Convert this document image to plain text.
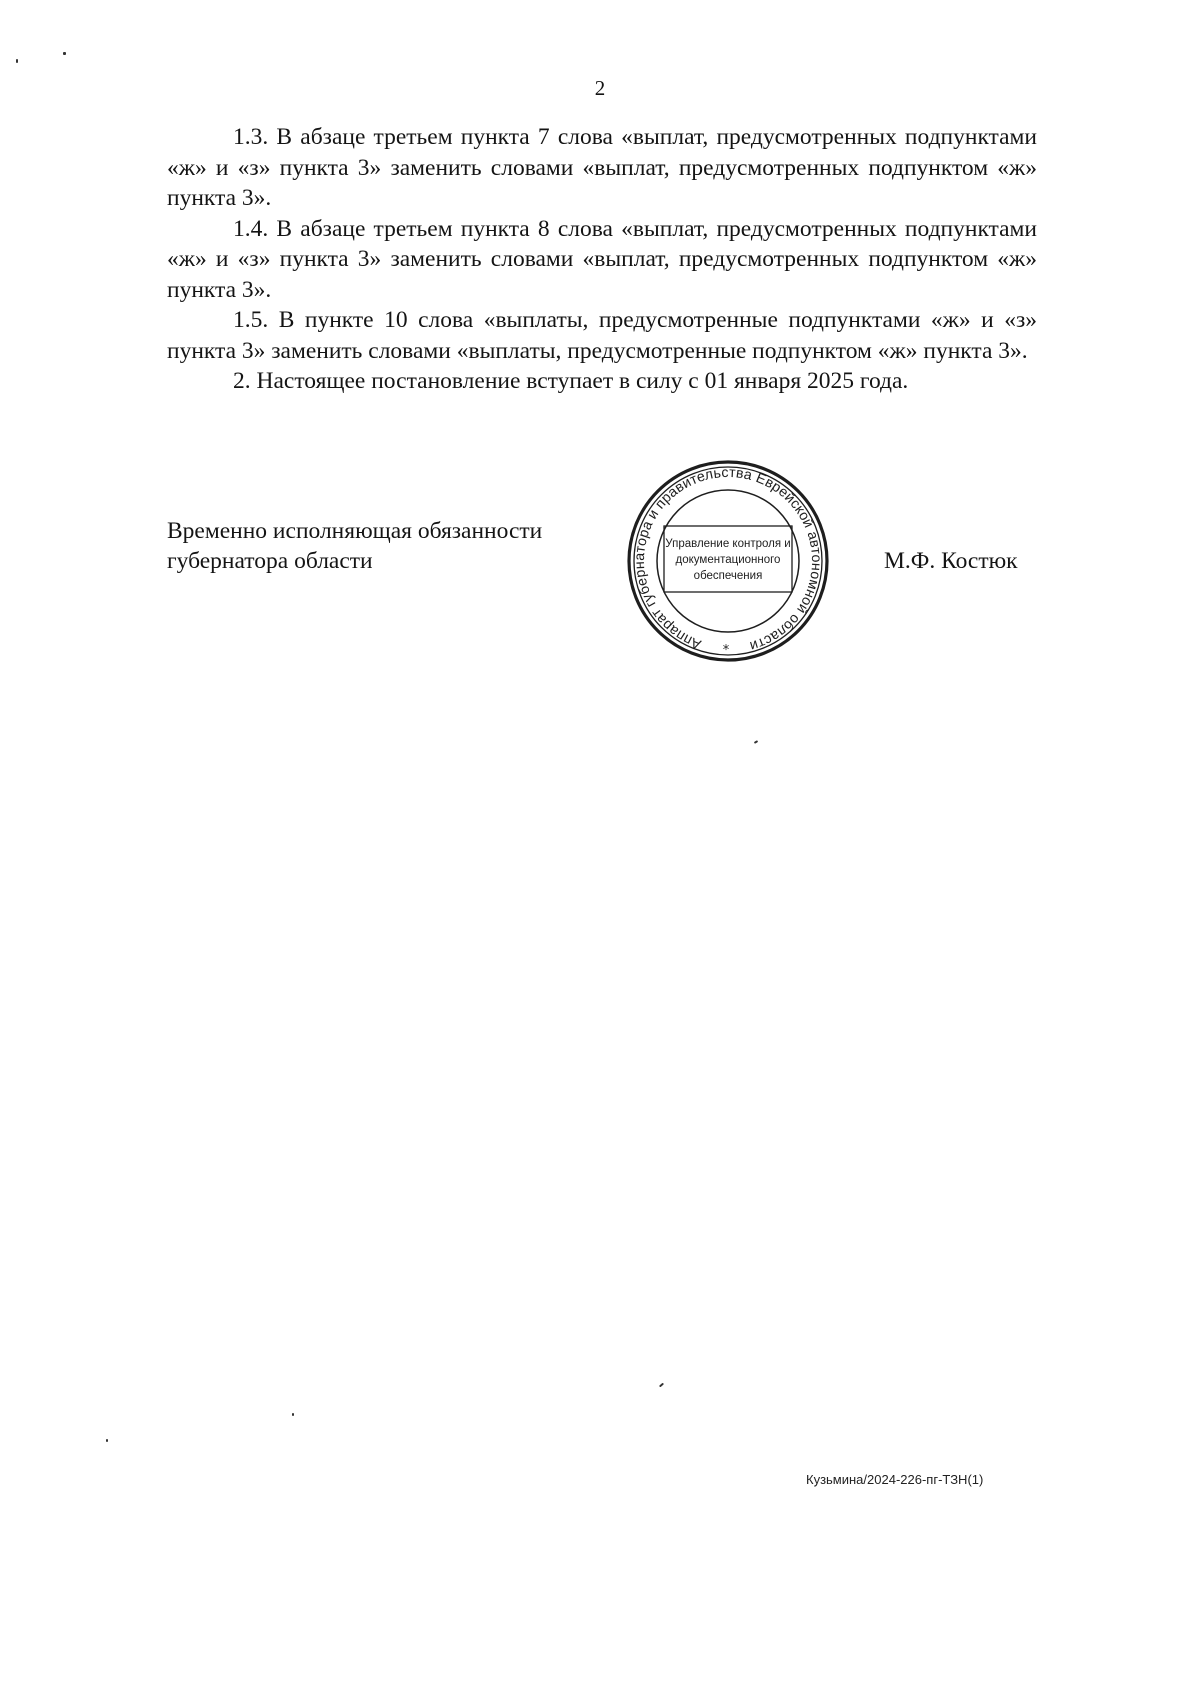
2

1.3. В абзаце третьем пункта 7 слова «выплат, предусмотренных подпунктами «ж» и «з» пункта 3» заменить словами «выплат, предусмотренных подпунктом «ж» пункта 3».

1.4. В абзаце третьем пункта 8 слова «выплат, предусмотренных подпунктами «ж» и «з» пункта 3» заменить словами «выплат, предусмотренных подпунктом «ж» пункта 3».

1.5. В пункте 10 слова «выплаты, предусмотренные подпунктами «ж» и «з» пункта 3» заменить словами «выплаты, предусмотренные подпунктом «ж» пункта 3».

2. Настоящее постановление вступает в силу с 01 января 2025 года.

Временно исполняющая обязанности
губернатора области	М.Ф. Костюк
Аппарат губернатора и правительства Еврейской автономной области
Управление контроля и
документационного
обеспечения
*
Кузьмина/2024-226-пг-ТЗН(1)
